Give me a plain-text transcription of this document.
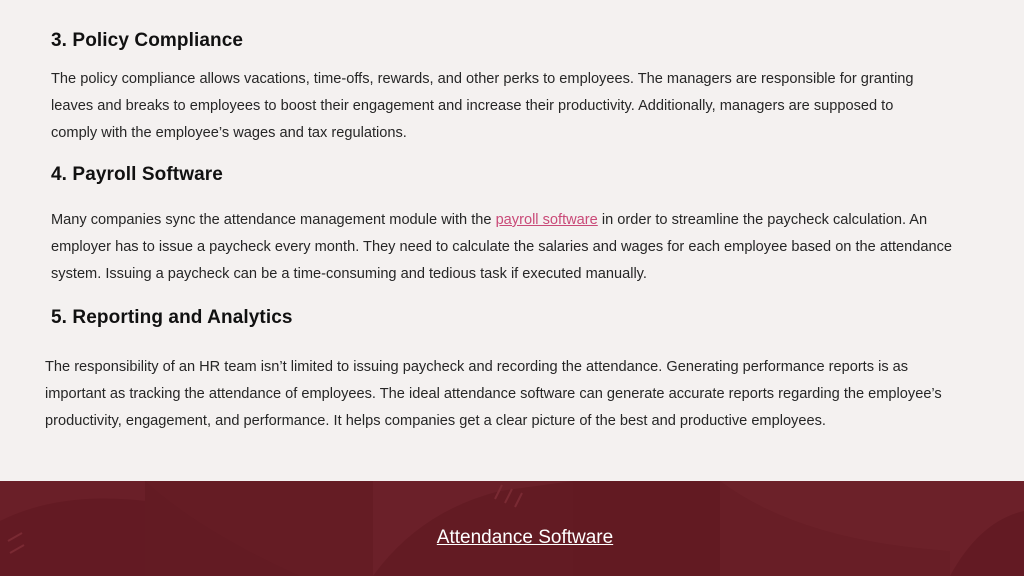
3. Policy Compliance
The policy compliance allows vacations, time-offs, rewards, and other perks to employees. The managers are responsible for granting
leaves and breaks to employees to boost their engagement and increase their productivity. Additionally, managers are supposed to
comply with the employee’s wages and tax regulations.
4. Payroll Software
Many companies sync the attendance management module with the payroll software in order to streamline the paycheck calculation. An
employer has to issue a paycheck every month. They need to calculate the salaries and wages for each employee based on the attendance
system. Issuing a paycheck can be a time-consuming and tedious task if executed manually.
5. Reporting and Analytics
The responsibility of an HR team isn’t limited to issuing paycheck and recording the attendance. Generating performance reports is as
important as tracking the attendance of employees. The ideal attendance software can generate accurate reports regarding the employee’s
productivity, engagement, and performance. It helps companies get a clear picture of the best and productive employees.
Attendance Software
